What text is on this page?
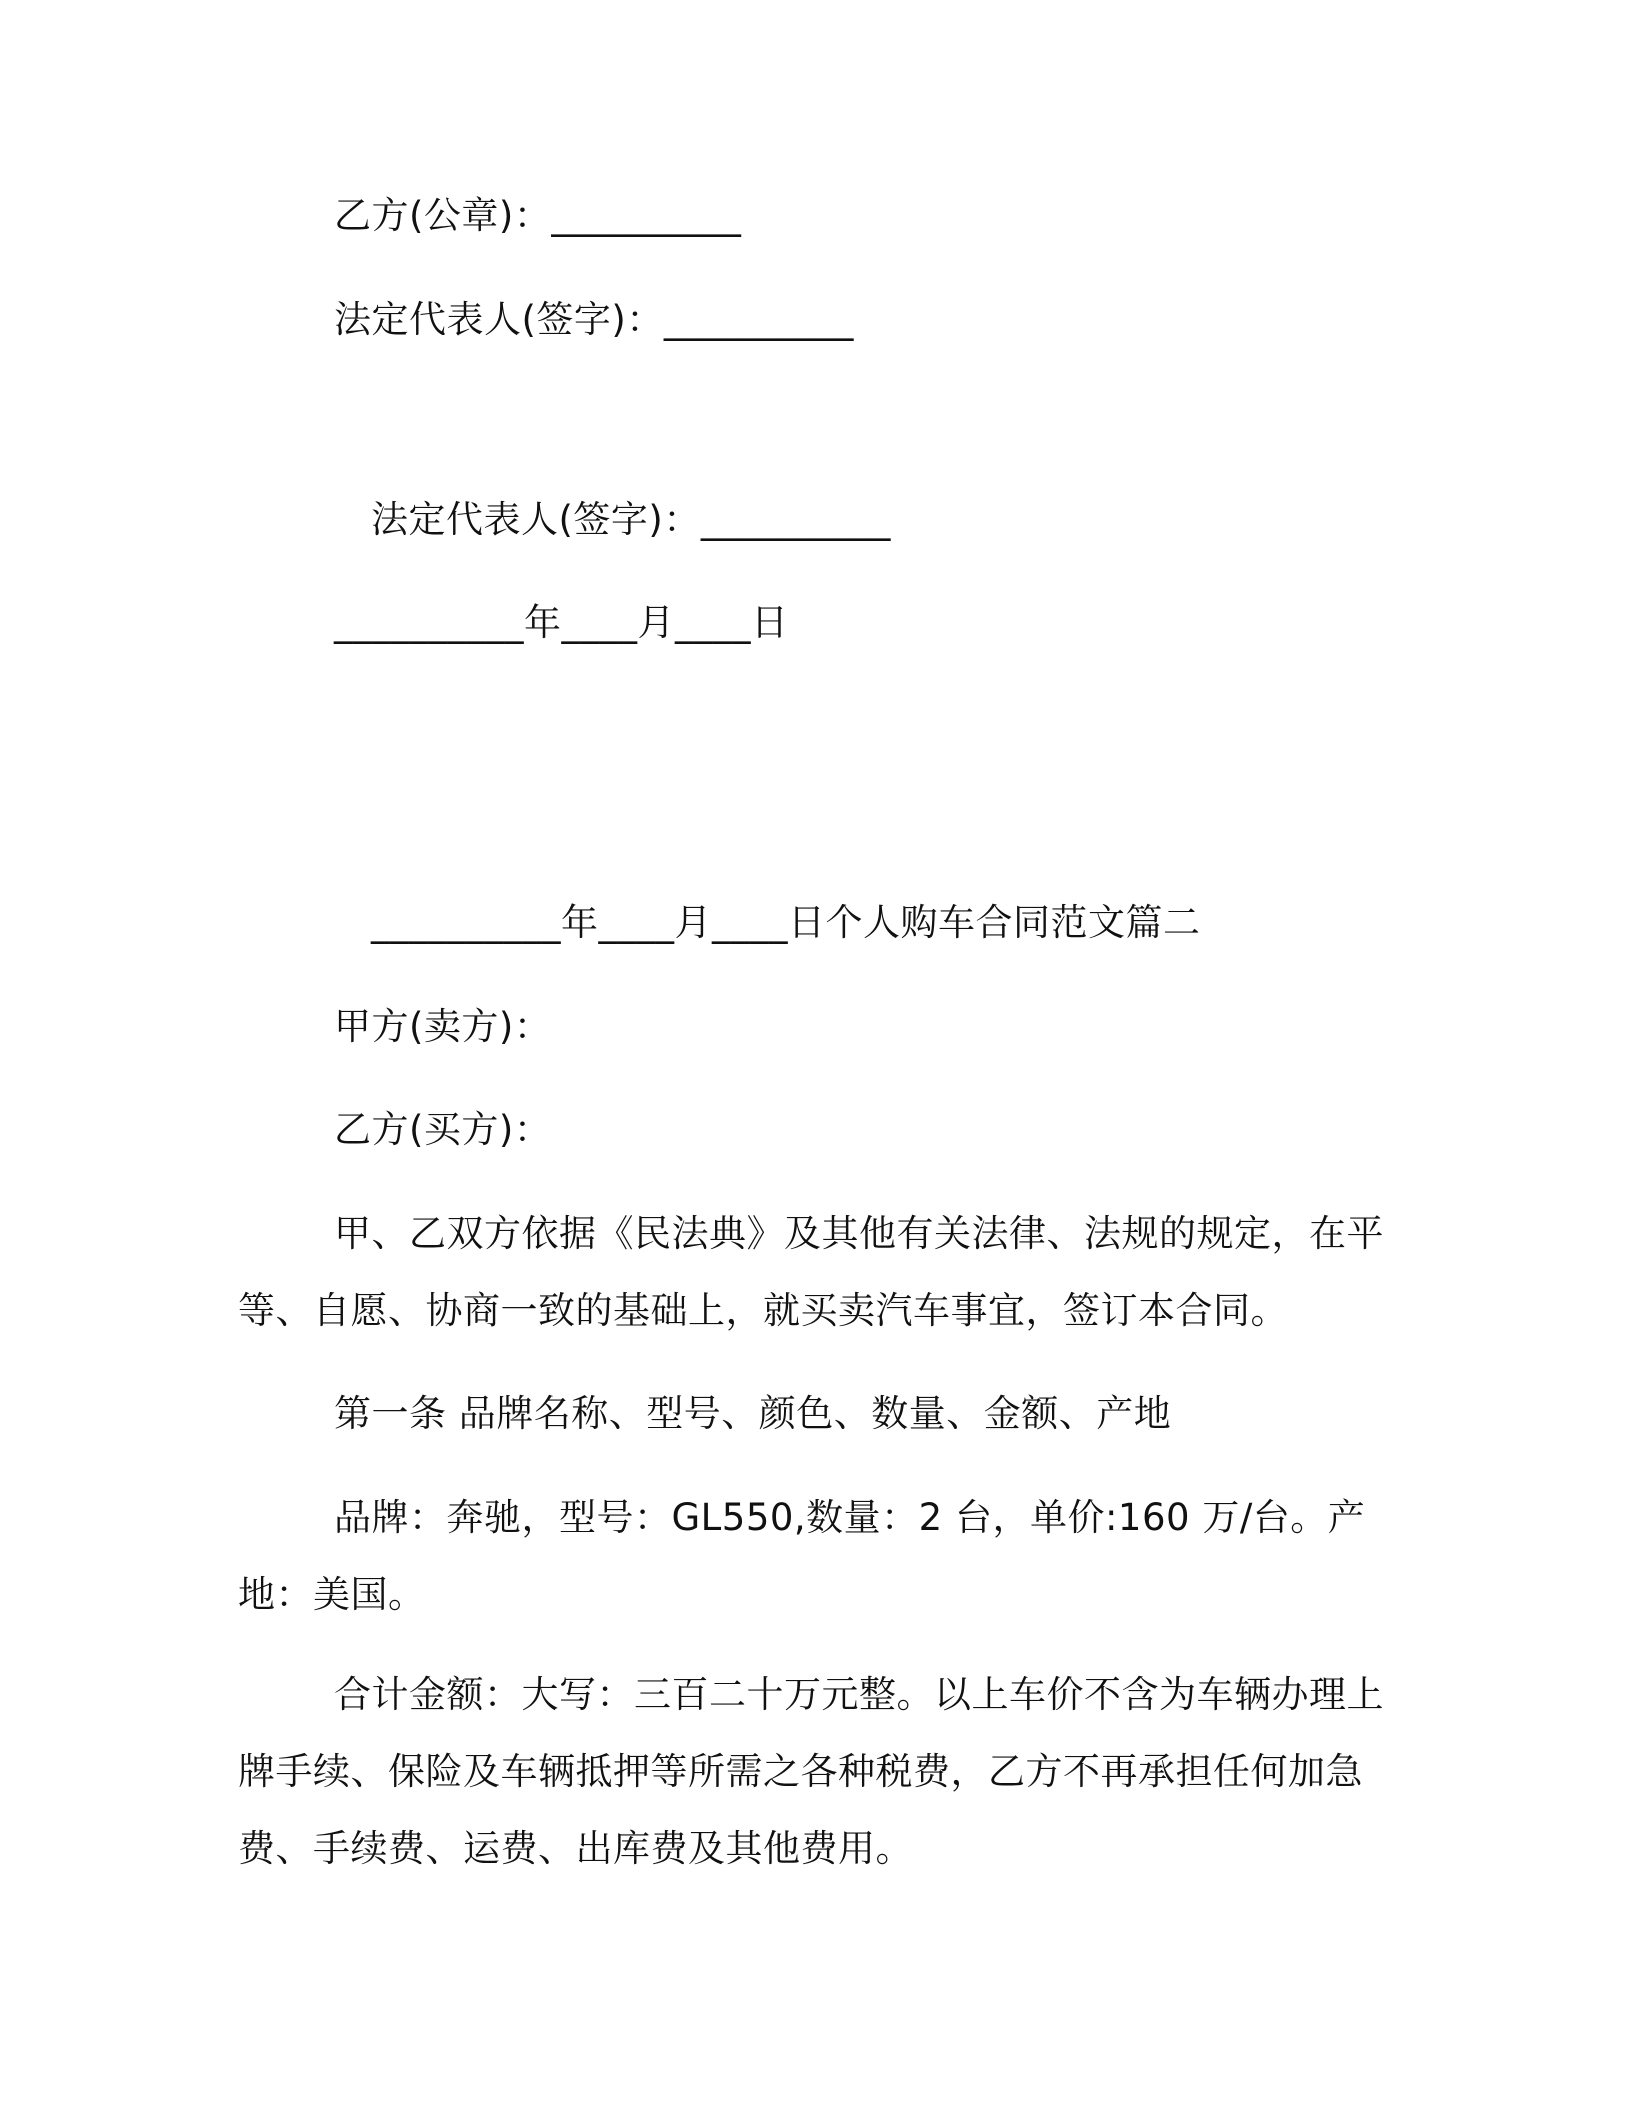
乙方(公章)：__________
法定代表人(签字)：__________
法定代表人(签字)：__________
__________年____月____日
__________年____月____日个人购车合同范文篇二
甲方(卖方)：
乙方(买方)：

甲、乙双方依据《民法典》及其他有关法律、法规的规定，在平等、自愿、协商一致的基础上，就买卖汽车事宜，签订本合同。

第一条 品牌名称、型号、颜色、数量、金额、产地

品牌：奔驰，型号：GL550,数量：2 台，单价:160 万/台。产地：美国。

合计金额：大写：三百二十万元整。以上车价不含为车辆办理上牌手续、保险及车辆抵押等所需之各种税费，乙方不再承担任何加急费、手续费、运费、出库费及其他费用。
